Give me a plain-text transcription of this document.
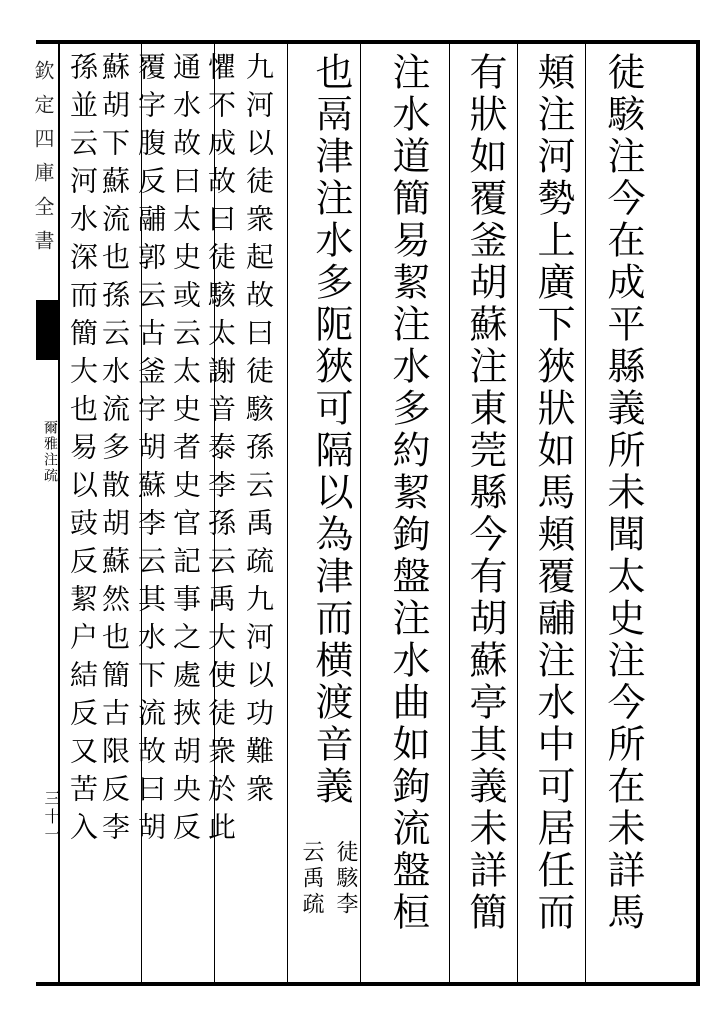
徒駭注今在成平縣義所未聞太史注今所在未詳馬
頬注河勢上廣下狹狀如馬頬覆鬴注水中可居任而
有狀如覆釜胡蘇注東莞縣今有胡蘇亭其義未詳簡
注水道簡易絜注水多約絜鉤盤注水曲如鉤流盤桓
也鬲津注水多阨狹可隔以為津而横渡音義
云禹疏 徒駭李
九河以徒衆起故曰徒駭孫云禹疏九河以功難衆
懼不成故曰徒駭太謝音泰李孫云禹大使徒衆於此
通水故曰太史或云太史者史官記事之處挾胡央反
覆字腹反鬴郭云古釜字胡蘇李云其水下流故曰胡
蘇胡下蘇流也孫云水流多散胡蘇然也簡古限反李
孫並云河水深而簡大也易以豉反絜户結反又苦入
欽定四庫全書
爾雅注疏
三十一
